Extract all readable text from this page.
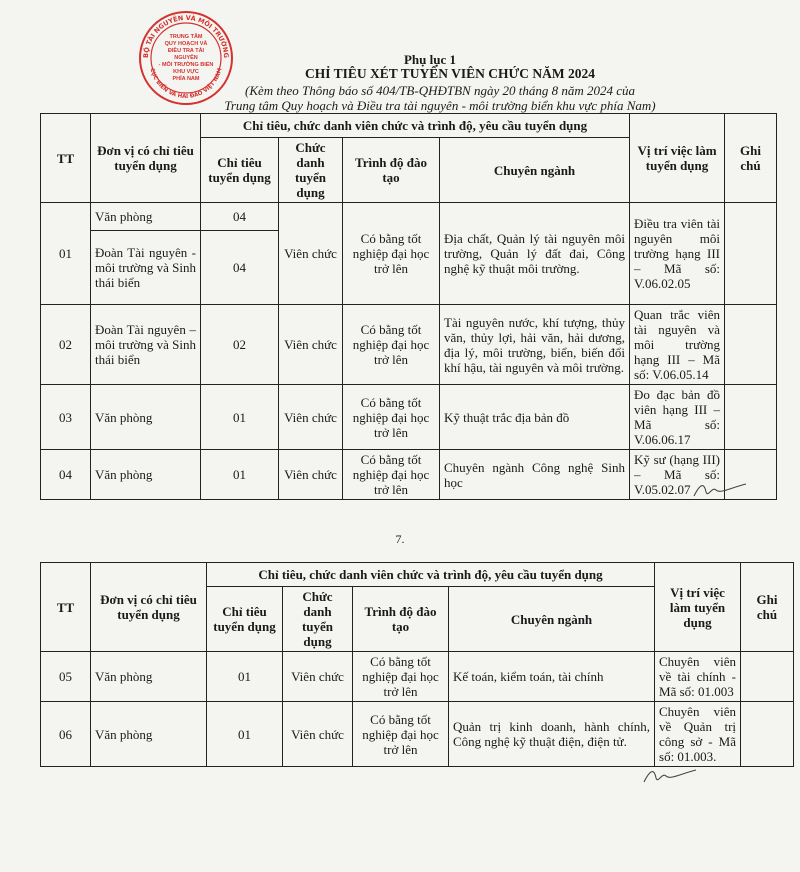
BỘ TÀI NGUYÊN VÀ MÔI TRƯỜNG
CỤC BIỂN VÀ HẢI ĐẢO VIỆT NAM
TRUNG TÂM
QUY HOẠCH VÀ
ĐIỀU TRA TÀI NGUYÊN
- MÔI TRƯỜNG BIỂN
KHU VỰC
PHÍA NAM
Phụ lục 1
CHỈ TIÊU XÉT TUYỂN VIÊN CHỨC NĂM 2024
(Kèm theo Thông báo số 404/TB-QHĐTBN ngày 20 tháng 8 năm 2024 của
Trung tâm Quy hoạch và Điều tra tài nguyên - môi trường biển khu vực phía Nam)
TT	Đơn vị có chỉ tiêu tuyển dụng	Chỉ tiêu, chức danh viên chức và trình độ, yêu cầu tuyển dụng				Vị trí việc làm tuyển dụng	Ghi chú
		Chỉ tiêu tuyển dụng	Chức danh tuyển dụng	Trình độ đào tạo	Chuyên ngành		
01	Văn phòng	04	Viên chức	Có bằng tốt nghiệp đại học trở lên	Địa chất, Quản lý tài nguyên môi trường, Quản lý đất đai, Công nghệ kỹ thuật môi trường.	Điều tra viên tài nguyên môi trường hạng III – Mã số: V.06.02.05	
	Đoàn Tài nguyên - môi trường và Sinh thái biển	04					
02	Đoàn Tài nguyên – môi trường và Sinh thái biển	02	Viên chức	Có bằng tốt nghiệp đại học trở lên	Tài nguyên nước, khí tượng, thủy văn, thủy lợi, hải văn, hải dương, địa lý, môi trường, biển, biến đổi khí hậu, tài nguyên và môi trường.	Quan trắc viên tài nguyên và môi trường hạng III – Mã số: V.06.05.14	
03	Văn phòng	01	Viên chức	Có bằng tốt nghiệp đại học trở lên	Kỹ thuật trắc địa bản đồ	Đo đạc bản đồ viên hạng III – Mã số: V.06.06.17	
04	Văn phòng	01	Viên chức	Có bằng tốt nghiệp đại học trở lên	Chuyên ngành Công nghệ Sinh học	Kỹ sư (hạng III) – Mã số: V.05.02.07	
7.
TT	Đơn vị có chỉ tiêu tuyển dụng	Chỉ tiêu, chức danh viên chức và trình độ, yêu cầu tuyển dụng				Vị trí việc làm tuyển dụng	Ghi chú
		Chỉ tiêu tuyển dụng	Chức danh tuyển dụng	Trình độ đào tạo	Chuyên ngành		
05	Văn phòng	01	Viên chức	Có bằng tốt nghiệp đại học trở lên	Kế toán, kiểm toán, tài chính	Chuyên viên về tài chính - Mã số: 01.003	
06	Văn phòng	01	Viên chức	Có bằng tốt nghiệp đại học trở lên	Quản trị kinh doanh, hành chính, Công nghệ kỹ thuật điện, điện tử.	Chuyên viên về Quản trị công sở - Mã số: 01.003.	
